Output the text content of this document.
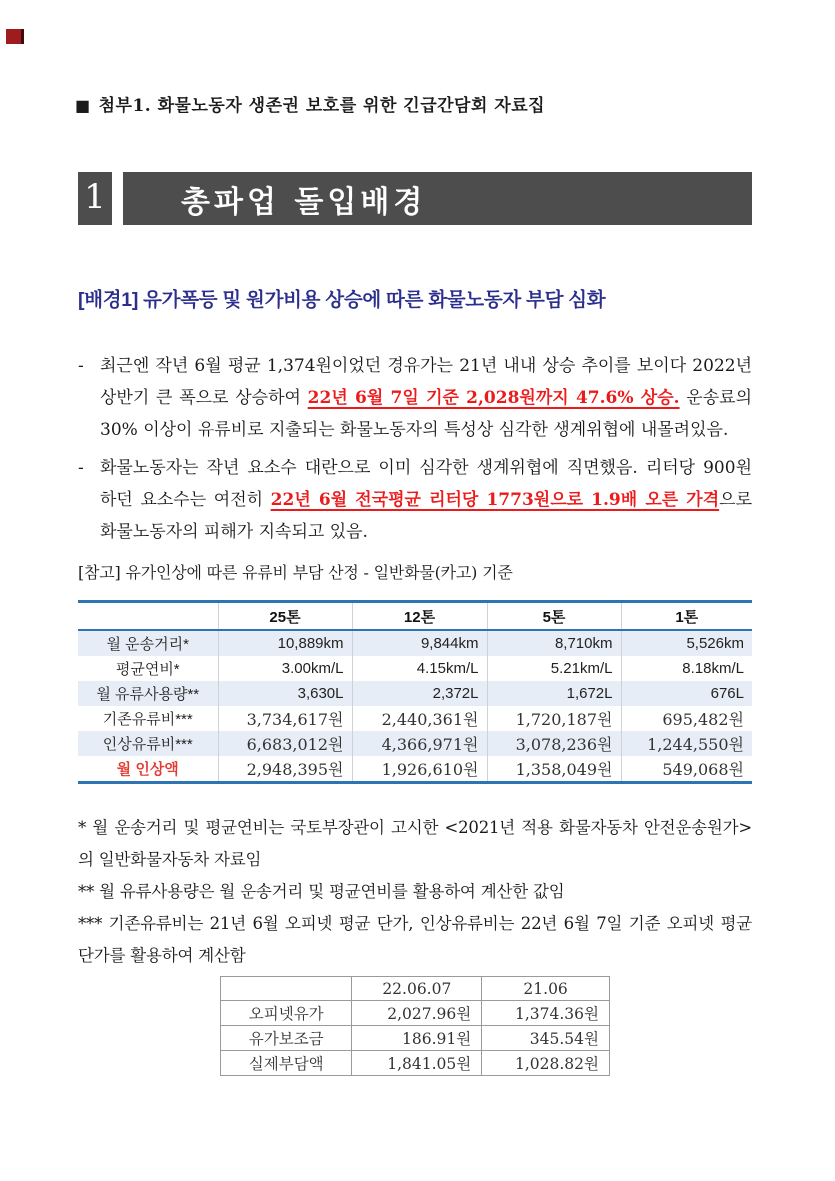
■ 첨부1. 화물노동자 생존권 보호를 위한 긴급간담회 자료집

1	총파업 돌입배경
[배경1] 유가폭등 및 원가비용 상승에 따른 화물노동자 부담 심화
- 최근엔 작년 6월 평균 1,374원이었던 경유가는 21년 내내 상승 추이를 보이다 2022년 상반기 큰 폭으로 상승하여 22년 6월 7일 기준 2,028원까지 47.6% 상승. 운송료의 30% 이상이 유류비로 지출되는 화물노동자의 특성상 심각한 생계위협에 내몰려있음.
- 화물노동자는 작년 요소수 대란으로 이미 심각한 생계위협에 직면했음. 리터당 900원 하던 요소수는 여전히 22년 6월 전국평균 리터당 1773원으로 1.9배 오른 가격으로 화물노동자의 피해가 지속되고 있음.

[참고] 유가인상에 따른 유류비 부담 산정 - 일반화물(카고) 기준

	25톤	12톤	5톤	1톤
월 운송거리*	10,889km	9,844km	8,710km	5,526km
평균연비*	3.00km/L	4.15km/L	5.21km/L	8.18km/L
월 유류사용량**	3,630L	2,372L	1,672L	676L
기존유류비***	3,734,617원	2,440,361원	1,720,187원	695,482원
인상유류비***	6,683,012원	4,366,971원	3,078,236원	1,244,550원
월 인상액	2,948,395원	1,926,610원	1,358,049원	549,068원

* 월 운송거리 및 평균연비는 국토부장관이 고시한 <2021년 적용 화물자동차 안전운송원가>의 일반화물자동차 자료임

** 월 유류사용량은 월 운송거리 및 평균연비를 활용하여 계산한 값임

*** 기존유류비는 21년 6월 오피넷 평균 단가, 인상유류비는 22년 6월 7일 기준 오피넷 평균 단가를 활용하여 계산함

	22.06.07	21.06
오피넷유가	2,027.96원	1,374.36원
유가보조금	186.91원	345.54원
실제부담액	1,841.05원	1,028.82원
